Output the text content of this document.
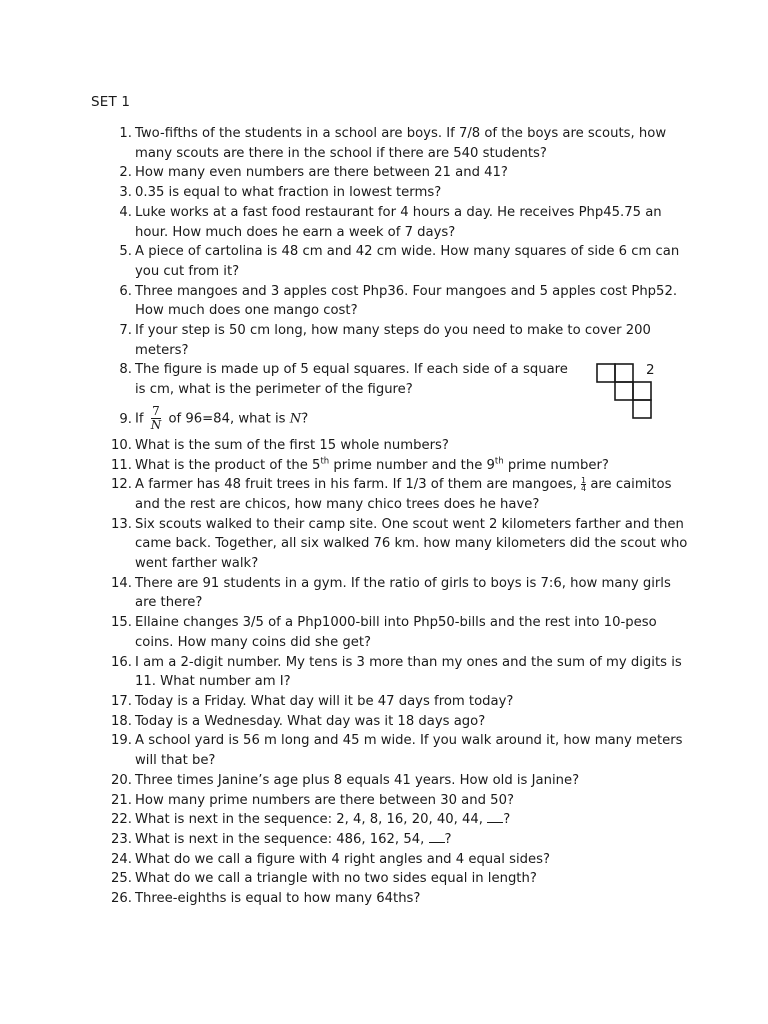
SET 1
1. Two-fifths of the students in a school are boys. If 7/8 of the boys are scouts, how many scouts are there in the school if there are 540 students?
2. How many even numbers are there between 21 and 41?
3. 0.35 is equal to what fraction in lowest terms?
4. Luke works at a fast food restaurant for 4 hours a day. He receives Php45.75 an hour. How much does he earn a week of 7 days?
5. A piece of cartolina is 48 cm and 42 cm wide. How many squares of side 6 cm can you cut from it?
6. Three mangoes and 3 apples cost Php36. Four mangoes and 5 apples cost Php52. How much does one mango cost?
7. If your step is 50 cm long, how many steps do you need to make to cover 200 meters?
8. The figure is made up of 5 equal squares. If each side of a square is cm, what is the perimeter of the figure?
9. If $\frac{7}{N}$ of 96=84, what is N?
10. What is the sum of the first 15 whole numbers?
11. What is the product of the 5th prime number and the 9th prime number?
12. A farmer has 48 fruit trees in his farm. If 1/3 of them are mangoes, $\frac{1}{4}$ are caimitos and the rest are chicos, how many chico trees does he have?
13. Six scouts walked to their camp site. One scout went 2 kilometers farther and then came back. Together, all six walked 76 km. how many kilometers did the scout who went farther walk?
14. There are 91 students in a gym. If the ratio of girls to boys is 7:6, how many girls are there?
15. Ellaine changes 3/5 of a Php1000-bill into Php50-bills and the rest into 10-peso coins. How many coins did she get?
16. I am a 2-digit number. My tens is 3 more than my ones and the sum of my digits is 11. What number am I?
17. Today is a Friday. What day will it be 47 days from today?
18. Today is a Wednesday. What day was it 18 days ago?
19. A school yard is 56 m long and 45 m wide. If you walk around it, how many meters will that be?
20. Three times Janine’s age plus 8 equals 41 years. How old is Janine?
21. How many prime numbers are there between 30 and 50?
22. What is next in the sequence: 2, 4, 8, 16, 20, 40, 44, ?
23. What is next in the sequence: 486, 162, 54, ?
24. What do we call a figure with 4 right angles and 4 equal sides?
25. What do we call a triangle with no two sides equal in length?
26. Three-eighths is equal to how many 64ths?
2
